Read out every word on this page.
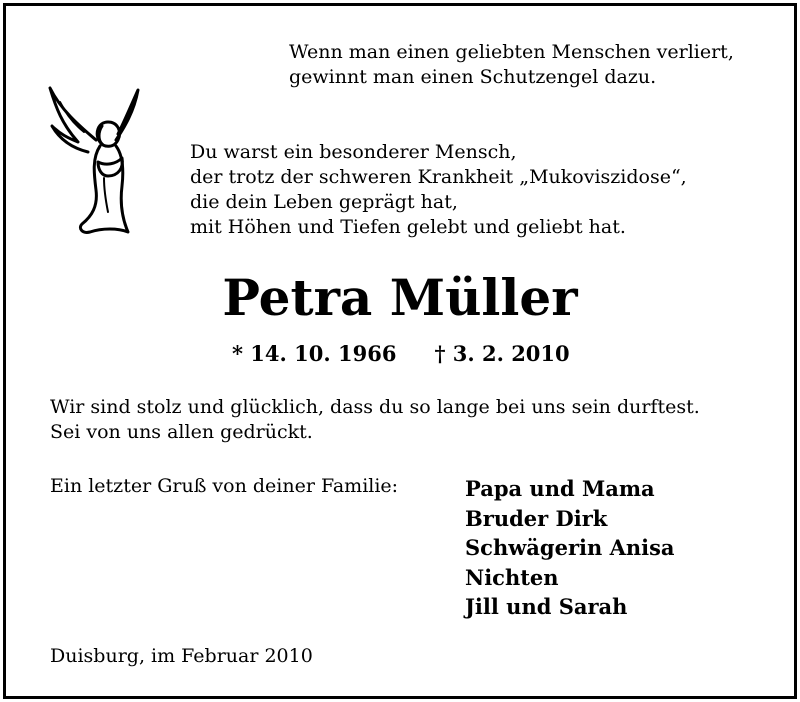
Wenn man einen geliebten Menschen verliert,
gewinnt man einen Schutzengel dazu.
Du warst ein besonderer Mensch,
der trotz der schweren Krankheit „Mukoviszidose“,
die dein Leben geprägt hat,
mit Höhen und Tiefen gelebt und geliebt hat.
Petra Müller
* 14. 10. 1966 † 3. 2. 2010
Wir sind stolz und glücklich, dass du so lange bei uns sein durftest.
Sei von uns allen gedrückt.
Ein letzter Gruß von deiner Familie:	Papa und Mama
Bruder Dirk
Schwägerin Anisa
Nichten
Jill und Sarah
Duisburg, im Februar 2010
